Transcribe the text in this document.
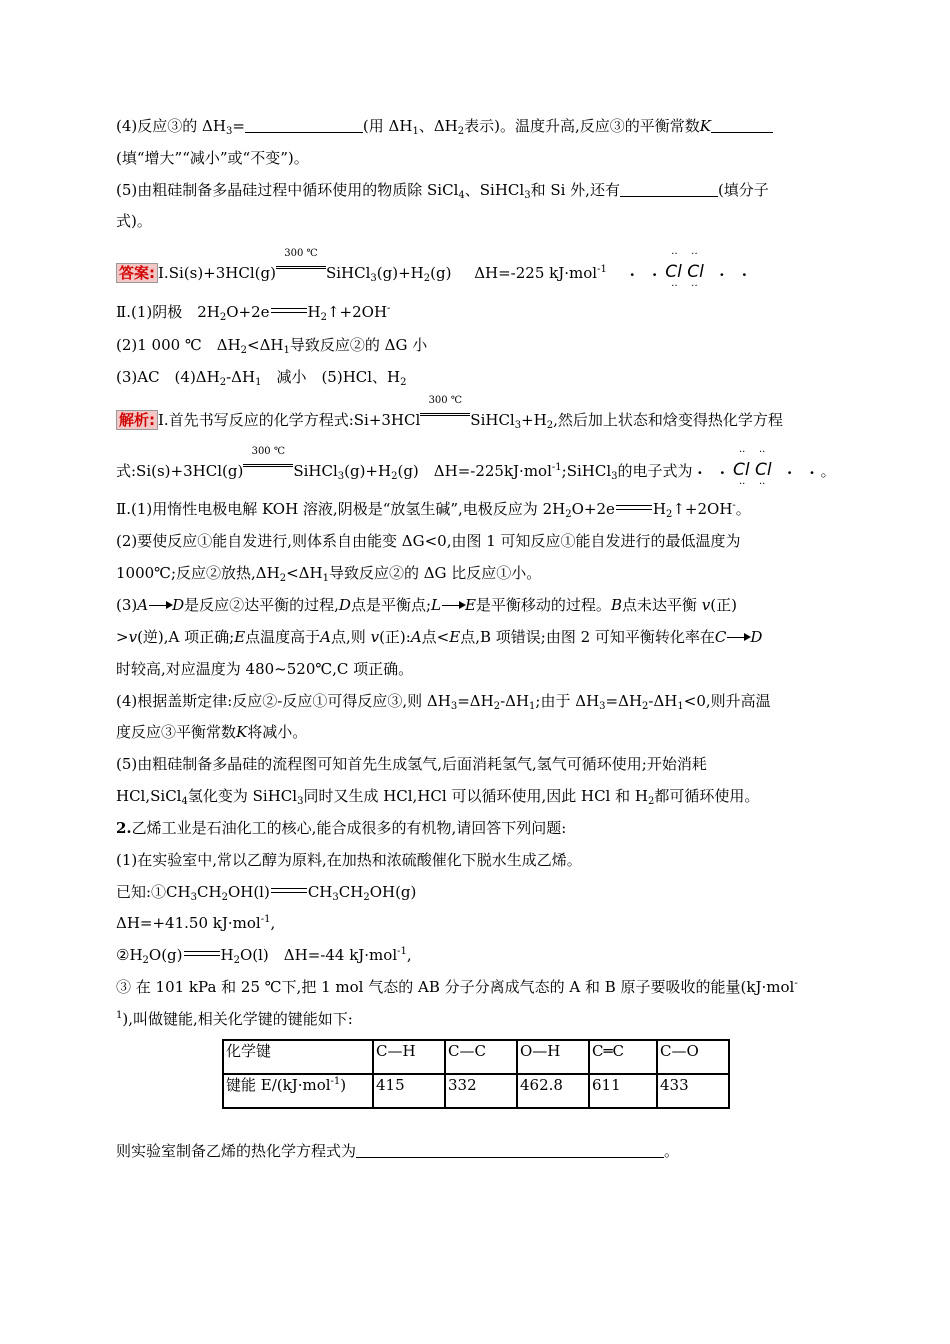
(4)反应③的 $\Delta H_3=$	(用 $\Delta H_1$、$\Delta H_2$表示)。温度升高,反应③的平衡常数K
(填“增大”“减小”或“不变”)。
(5)由粗硅制备多晶硅过程中循环使用的物质除 SiCl$_4$、SiHCl$_3$和 Si 外,还有	(填分子
式)。
答案: Ⅰ.Si(s)+3HCl(g)
300 ℃
$SiHCl_3(g)+H_2(g)$ ΔH=-225 kJ·mol$^{-1}$ · · Cl Cl
·· ··
·· ··
· ·
Ⅱ.(1)阴极　$2H_2O+2e$	$H_2↑+2OH^-$
(2)1 000 ℃　$\Delta H_2<\Delta H_1$导致反应②的 ΔG 小
(3)AC　$(4)\Delta H_2-\Delta H_1$　减小　(5)HCl、$H_2$
解析: Ⅰ.首先书写反应的化学方程式:Si+3HCl
300 ℃
$SiHCl_3+H_2$,然后加上状态和焓变得热化学方程
式:Si(s)+3HCl(g)
300 ℃
$SiHCl_3(g)+H_2(g)$　ΔH=-225kJ·mol$^{-1}$;SiHCl$_3$的电子式为 · · Cl Cl
·· ··
·· ··
· ·。
Ⅱ.(1)用惰性电极电解 KOH 溶液,阴极是“放氢生碱”,电极反应为 $2H_2O+2e$	$H_2↑+2OH^-$。
(2)要使反应①能自发进行,则体系自由能变 ΔG<0,由图 1 可知反应①能自发进行的最低温度为
1000℃;反应②放热$,\Delta H_2<\Delta H_1$导致反应②的 ΔG 比反应①小。
(3)A D是反应②达平衡的过程,D点是平衡点;L E是平衡移动的过程。B点未达平衡 v(正)
>v(逆),A 项正确;E点温度高于A点,则 v(正):A点<E点,B 项错误;由图 2 可知平衡转化率在C D
时较高,对应温度为 480~520℃,C 项正确。
(4)根据盖斯定律:反应②-反应①可得反应③,则 $\Delta H_3=\Delta H_2-\Delta H_1$;由于 $\Delta H_3=\Delta H_2-\Delta H_1<0$,则升高温
度反应③平衡常数K将减小。
(5)由粗硅制备多晶硅的流程图可知首先生成氢气,后面消耗氢气,氢气可循环使用;开始消耗
HCl,SiCl$_4$氢化变为 SiHCl$_3$同时又生成 HCl,HCl 可以循环使用,因此 HCl 和 $H_2$都可循环使用。
2.乙烯工业是石油化工的核心,能合成很多的有机物,请回答下列问题:
(1)在实验室中,常以乙醇为原料,在加热和浓硫酸催化下脱水生成乙烯。
已知$:①CH_3CH_2OH(l)$	$CH_3CH_2OH(g)$
ΔH=+41.50 kJ·mol$^{-1}$,
$②H_2O(g)$	$H_2O(l)$　ΔH=-44 kJ·mol$^{-1}$,
③ 在 101 kPa 和 25 ℃下,把 1 mol 气态的 AB 分子分离成气态的 A 和 B 原子要吸收的能量(kJ·mol-
$^1$),叫做键能,相关化学键的键能如下:
化学键	C—H	C—C	O—H	C═C	C—O
键能 E/(kJ·mol$^{-1}$)	415	332	462.8	611	433
则实验室制备乙烯的热化学方程式为	。
